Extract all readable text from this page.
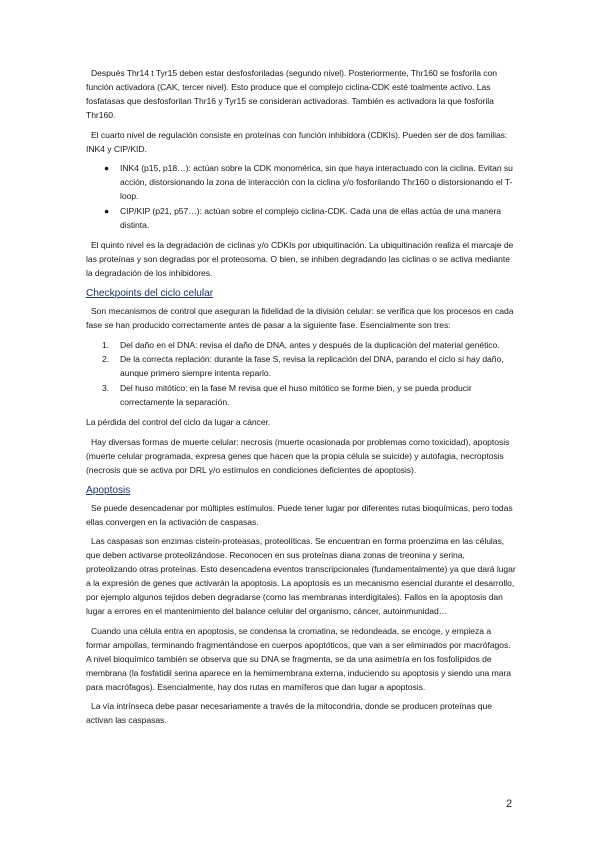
Después Thr14 t Tyr15 deben estar desfosforiladas (segundo nivel). Posteriormente, Thr160 se fosforila con función activadora (CAK, tercer nivel). Esto produce que el complejo ciclina-CDK esté toalmente activo. Las fosfatasas que desfosforilan Thr16 y Tyr15 se consideran activadoras. También es activadora la que fosforila Thr160.

El cuarto nivel de regulación consiste en proteínas con función inhibidora (CDKIs). Pueden ser de dos familias: INK4 y CIP/KID.

● INK4 (p15, p18…): actúan sobre la CDK monomérica, sin que haya interactuado con la ciclina. Evitan su acción, distorsionando la zona de interacción con la ciclina y/o fosforilando Thr160 o distorsionando el T-loop.
● CIP/KIP (p21, p57…): actúan sobre el complejo ciclina-CDK. Cada una de ellas actúa de una manera distinta.

El quinto nivel es la degradación de ciclinas y/o CDKIs por ubiquitinación. La ubiquitinación realiza el marcaje de las proteínas y son degradas por el proteosoma. O bien, se inhiben degradando las ciclinas o se activa mediante la degradación de los inhibidores.

Checkpoints del ciclo celular

Son mecanismos de control que aseguran la fidelidad de la división celular: se verifica que los procesos en cada fase se han producido correctamente antes de pasar a la siguiente fase. Esencialmente son tres:

1. Del daño en el DNA: revisa el daño de DNA, antes y después de la duplicación del material genético.
2. De la correcta replación: durante la fase S, revisa la replicación del DNA, parando el ciclo si hay daño, aunque primero siempre intenta reparlo.
3. Del huso mitótico: en la fase M revisa que el huso mitótico se forme bien, y se pueda producir correctamente la separación.

La pérdida del control del ciclo da lugar a cáncer.

Hay diversas formas de muerte celular: necrosis (muerte ocasionada por problemas como toxicidad), apoptosis (muerte celular programada, expresa genes que hacen que la propia célula se suicide) y autofagia, necroptosis (necrosis que se activa por DRL y/o estímulos en condiciones deficientes de apoptosis).

Apoptosis

Se puede desencadenar por múltiples estímulos. Puede tener lugar por diferentes rutas bioquímicas, pero todas ellas convergen en la activación de caspasas.

Las caspasas son enzimas cisteín-proteasas, proteolíticas. Se encuentran en forma proenzima en las células, que deben activarse proteolizándose. Reconocen en sus proteínas diana zonas de treonina y serina, proteolizando otras proteínas. Esto desencadena eventos transcripcionales (fundamentalmente) ya que dará lugar a la expresión de genes que activarán la apoptosis. La apoptosis es un mecanismo esencial durante el desarrollo, por ejemplo algunos tejidos deben degradarse (como las membranas interdigitales). Fallos en la apoptosis dan lugar a errores en el mantenimiento del balance celular del organismo, cáncer, autoinmunidad…

Cuando una célula entra en apoptosis, se condensa la cromatina, se redondeada, se encoge, y empieza a formar ampollas, terminando fragmentándose en cuerpos apoptóticos, que van a ser eliminados por macrófagos. A nivel bioquímico también se observa que su DNA se fragmenta, se da una asimetría en los fosfolípidos de membrana (la fosfatidil serina aparece en la hemimembrana externa, induciendo su apoptosis y siendo una mara para macrófagos). Esencialmente, hay dos rutas en mamíferos que dan lugar a apoptosis.

La vía intrínseca debe pasar necesariamente a través de la mitocondria, donde se producen proteínas que activan las caspasas.

2
